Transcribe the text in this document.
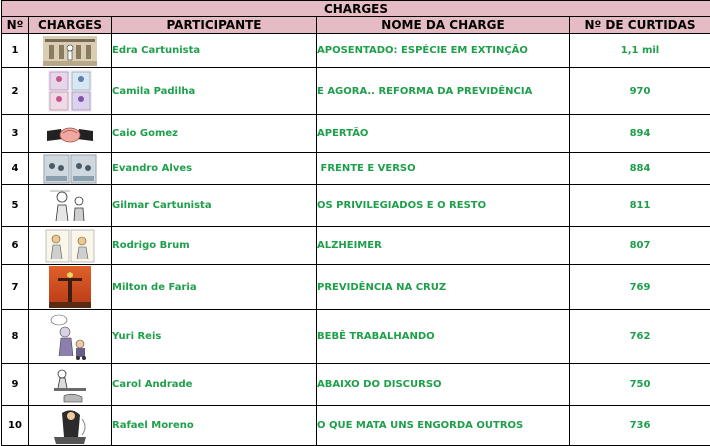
CHARGES				
Nº	CHARGES	PARTICIPANTE	NOME DA CHARGE	Nº DE CURTIDAS
1		Edra Cartunista	APOSENTADO: ESPÉCIE EM EXTINÇÃO	1,1 mil
2		Camila Padilha	E AGORA.. REFORMA DA PREVIDÊNCIA	970
3		Caio Gomez	APERTÃO	894
4		Evandro Alves	FRENTE E VERSO	884
5		Gilmar Cartunista	OS PRIVILEGIADOS E O RESTO	811
6		Rodrigo Brum	ALZHEIMER	807
7		Milton de Faria	PREVIDÊNCIA NA CRUZ	769
8		Yuri Reis	BEBÊ TRABALHANDO	762
9		Carol Andrade	ABAIXO DO DISCURSO	750
10		Rafael Moreno	O QUE MATA UNS ENGORDA OUTROS	736
